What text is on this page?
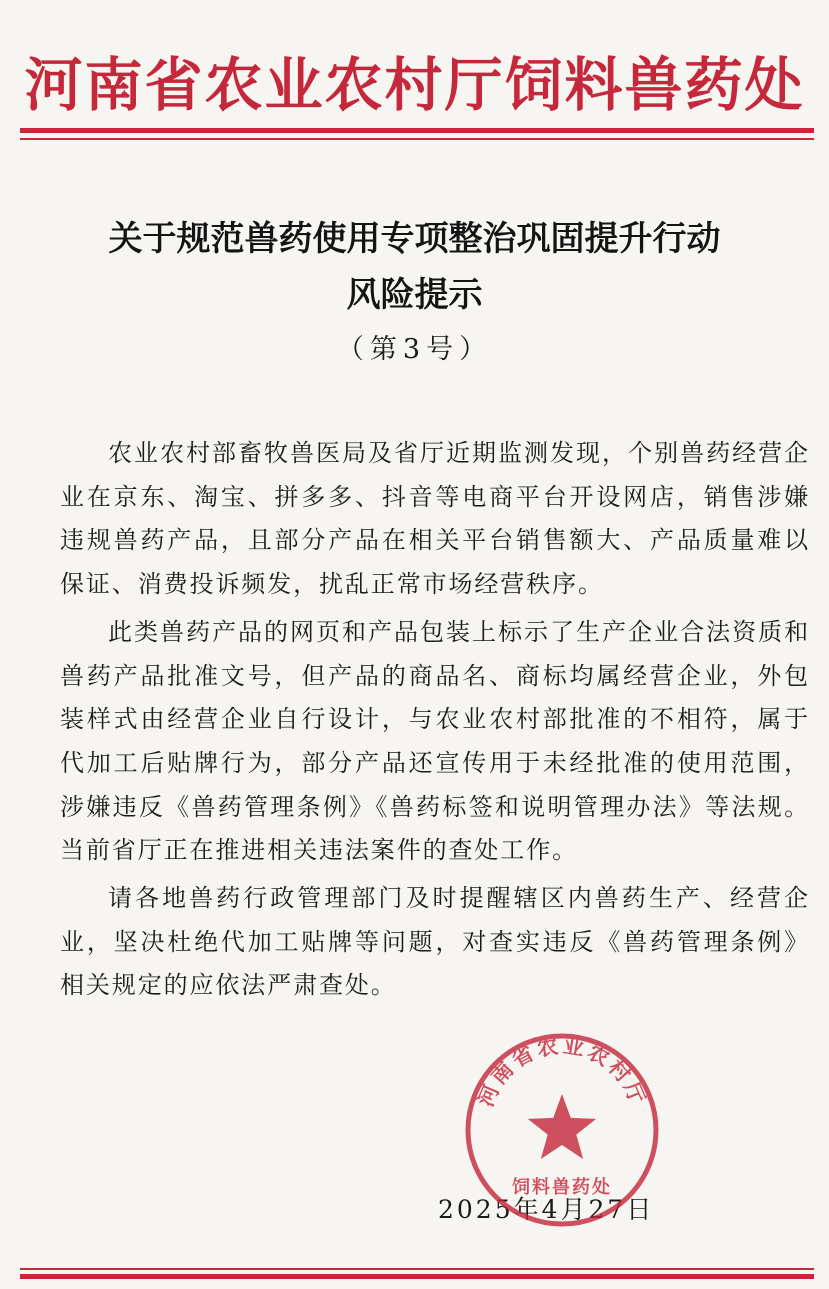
河南省农业农村厅饲料兽药处
关于规范兽药使用专项整治巩固提升行动
风险提示
（第3号）

农业农村部畜牧兽医局及省厅近期监测发现，个别兽药经营企业在京东、淘宝、拼多多、抖音等电商平台开设网店，销售涉嫌违规兽药产品，且部分产品在相关平台销售额大、产品质量难以保证、消费投诉频发，扰乱正常市场经营秩序。

此类兽药产品的网页和产品包装上标示了生产企业合法资质和兽药产品批准文号，但产品的商品名、商标均属经营企业，外包装样式由经营企业自行设计，与农业农村部批准的不相符，属于代加工后贴牌行为，部分产品还宣传用于未经批准的使用范围，涉嫌违反《兽药管理条例》《兽药标签和说明管理办法》等法规。当前省厅正在推进相关违法案件的查处工作。

请各地兽药行政管理部门及时提醒辖区内兽药生产、经营企业，坚决杜绝代加工贴牌等问题，对查实违反《兽药管理条例》相关规定的应依法严肃查处。

2025年4月27日
河南省农业农村厅
饲料兽药处
